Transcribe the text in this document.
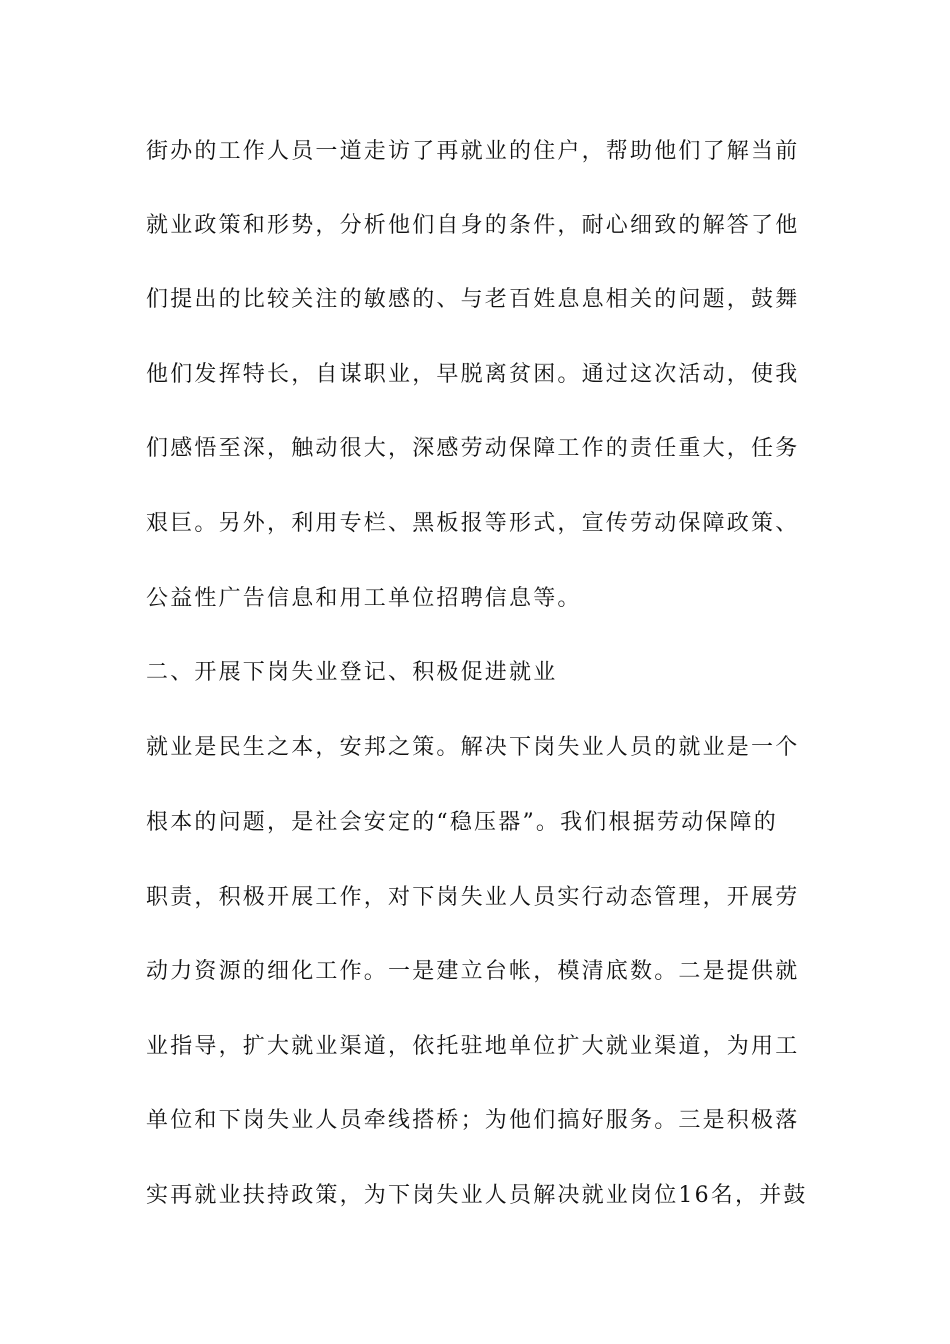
街办的工作人员一道走访了再就业的住户，帮助他们了解当前
就业政策和形势，分析他们自身的条件，耐心细致的解答了他
们提出的比较关注的敏感的、与老百姓息息相关的问题，鼓舞
他们发挥特长，自谋职业，早脱离贫困。通过这次活动，使我
们感悟至深，触动很大，深感劳动保障工作的责任重大，任务
艰巨。另外，利用专栏、黑板报等形式，宣传劳动保障政策、
公益性广告信息和用工单位招聘信息等。
二、开展下岗失业登记、积极促进就业
就业是民生之本，安邦之策。解决下岗失业人员的就业是一个
根本的问题，是社会安定的“稳压器”。我们根据劳动保障的
职责，积极开展工作，对下岗失业人员实行动态管理，开展劳
动力资源的细化工作。一是建立台帐，模清底数。二是提供就
业指导，扩大就业渠道，依托驻地单位扩大就业渠道，为用工
单位和下岗失业人员牵线搭桥；为他们搞好服务。三是积极落
实再就业扶持政策，为下岗失业人员解决就业岗位16名，并鼓
